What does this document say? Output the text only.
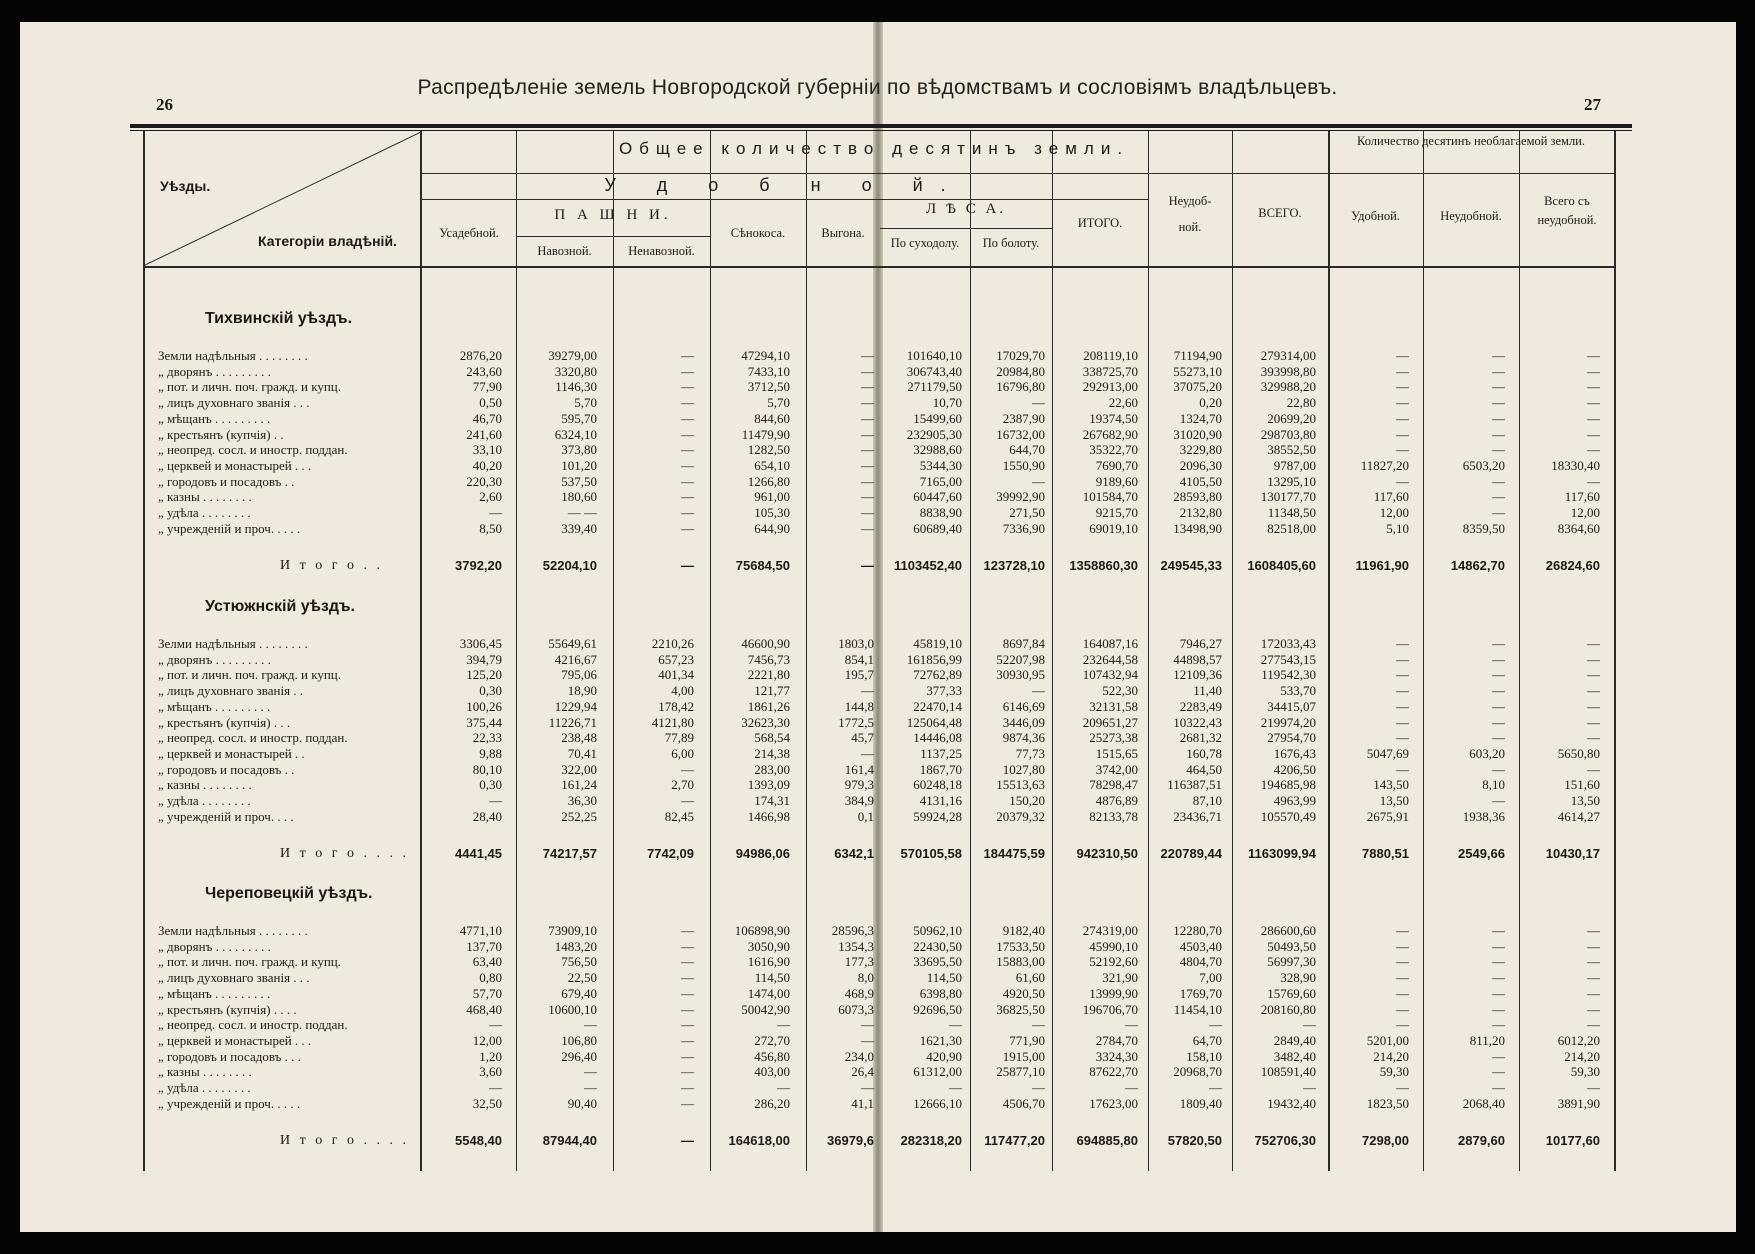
26	27
Распредѣленіе земель Новгородской губерніи по вѣдомствамъ и сословіямъ владѣльцевъ.
Уѣзды.
Категоріи владѣній.
Общее количество десятинъ земли.
У д о б н о й.
П А Ш Н И.	Л Ѣ С А.
Усадебной.
Навозной.	Ненавозной.
Сѣнокоса.	Выгона.
По суходолу.	По болоту.
ИТОГО.
Неудоб- ной.
ВСЕГО.
Количество десятинъ необлагаемой земли.
Удобной.	Неудобной.
Всего съ неудобной.
Тихвинскій уѣздъ.
Земли надѣльныя . . . . . . . .	2876,20	39279,00	—	47294,10	—	101640,10	17029,70	208119,10	71194,90	279314,00	—	—	—
„ дворянъ . . . . . . . . .	243,60	3320,80	—	7433,10	—	306743,40	20984,80	338725,70	55273,10	393998,80	—	—	—
„ пот. и личн. поч. гражд. и купц.	77,90	1146,30	—	3712,50	—	271179,50	16796,80	292913,00	37075,20	329988,20	—	—	—
„ лицъ духовнаго званія . . .	0,50	5,70	—	5,70	—	10,70	—	22,60	0,20	22,80	—	—	—
„ мѣщанъ . . . . . . . . .	46,70	595,70	—	844,60	—	15499,60	2387,90	19374,50	1324,70	20699,20	—	—	—
„ крестьянъ (купчія) . .	241,60	6324,10	—	11479,90	—	232905,30	16732,00	267682,90	31020,90	298703,80	—	—	—
„ неопред. сосл. и иностр. поддан.	33,10	373,80	—	1282,50	—	32988,60	644,70	35322,70	3229,80	38552,50	—	—	—
„ церквей и монастырей . . .	40,20	101,20	—	654,10	—	5344,30	1550,90	7690,70	2096,30	9787,00	11827,20	6503,20	18330,40
„ городовъ и посадовъ . .	220,30	537,50	—	1266,80	—	7165,00	—	9189,60	4105,50	13295,10	—	—	—
„ казны . . . . . . . .	2,60	180,60	—	961,00	—	60447,60	39992,90	101584,70	28593,80	130177,70	117,60	—	117,60
„ удѣла . . . . . . . .	—	— —	—	105,30	—	8838,90	271,50	9215,70	2132,80	11348,50	12,00	—	12,00
„ учрежденій и проч. . . . .	8,50	339,40	—	644,90	—	60689,40	7336,90	69019,10	13498,90	82518,00	5,10	8359,50	8364,60
И т о г о . .	3792,20	52204,10	—	75684,50	— 1103452,40 123728,10 1358860,30 249545,33 1608405,60	11961,90	14862,70	26824,60
Устюжнскій уѣздъ.
Зелми надѣльныя . . . . . . . .	3306,45	55649,61	2210,26	46600,90	1803,0	45819,10	8697,84	164087,16	7946,27	172033,43	—	—	—
„ дворянъ . . . . . . . . .	394,79	4216,67	657,23	7456,73	854,1	161856,99	52207,98	232644,58	44898,57	277543,15	—	—	—
„ пот. и личн. поч. гражд. и купц.	125,20	795,06	401,34	2221,80	195,7	72762,89	30930,95	107432,94	12109,36	119542,30	—	—	—
„ лицъ духовнаго званія . .	0,30	18,90	4,00	121,77	—	377,33	—	522,30	11,40	533,70	—	—	—
„ мѣщанъ . . . . . . . . .	100,26	1229,94	178,42	1861,26	144,8	22470,14	6146,69	32131,58	2283,49	34415,07	—	—	—
„ крестьянъ (купчія) . . .	375,44	11226,71	4121,80	32623,30	1772,5	125064,48	3446,09	209651,27	10322,43	219974,20	—	—	—
„ неопред. сосл. и иностр. поддан.	22,33	238,48	77,89	568,54	45,7	14446,08	9874,36	25273,38	2681,32	27954,70	—	—	—
„ церквей и монастырей . .	9,88	70,41	6,00	214,38	—	1137,25	77,73	1515,65	160,78	1676,43	5047,69	603,20	5650,80
„ городовъ и посадовъ . .	80,10	322,00	—	283,00	161,4	1867,70	1027,80	3742,00	464,50	4206,50	—	—	—
„ казны . . . . . . . .	0,30	161,24	2,70	1393,09	979,3	60248,18	15513,63	78298,47 116387,51	194685,98	143,50	8,10	151,60
„ удѣла . . . . . . . .	—	36,30	—	174,31	384,9	4131,16	150,20	4876,89	87,10	4963,99	13,50	—	13,50
„ учрежденій и проч. . . .	28,40	252,25	82,45	1466,98	0,1	59924,28	20379,32	82133,78	23436,71	105570,49	2675,91	1938,36	4614,27
И т о г о . . . .	4441,45	74217,57	7742,09	94986,06	6342,1 570105,58 184475,59 942310,50 220789,44 1163099,94	7880,51	2549,66	10430,17
Череповецкій уѣздъ.
Земли надѣльныя . . . . . . . .	4771,10	73909,10	—	106898,90	28596,3	50962,10	9182,40	274319,00	12280,70	286600,60	—	—	—
„ дворянъ . . . . . . . . .	137,70	1483,20	—	3050,90	1354,3	22430,50	17533,50	45990,10	4503,40	50493,50	—	—	—
„ пот. и личн. поч. гражд. и купц.	63,40	756,50	—	1616,90	177,3	33695,50	15883,00	52192,60	4804,70	56997,30	—	—	—
„ лицъ духовнаго званія . . .	0,80	22,50	—	114,50	8,0	114,50	61,60	321,90	7,00	328,90	—	—	—
„ мѣщанъ . . . . . . . . .	57,70	679,40	—	1474,00	468,9	6398,80	4920,50	13999,90	1769,70	15769,60	—	—	—
„ крестьянъ (купчія) . . . .	468,40	10600,10	—	50042,90	6073,3	92696,50	36825,50	196706,70	11454,10	208160,80	—	—	—
„ неопред. сосл. и иностр. поддан.	—	—	—	—	—	—	—	—	—	—	—	—	—
„ церквей и монастырей . . .	12,00	106,80	—	272,70	—	1621,30	771,90	2784,70	64,70	2849,40	5201,00	811,20	6012,20
„ городовъ и посадовъ . . .	1,20	296,40	—	456,80	234,0	420,90	1915,00	3324,30	158,10	3482,40	214,20	—	214,20
„ казны . . . . . . . .	3,60	—	—	403,00	26,4	61312,00	25877,10	87622,70	20968,70	108591,40	59,30	—	59,30
„ удѣла . . . . . . . .	—	—	—	—	—	—	—	—	—	—	—	—	—
„ учрежденій и проч. . . . .	32,50	90,40	—	286,20	41,1	12666,10	4506,70	17623,00	1809,40	19432,40	1823,50	2068,40	3891,90
И т о г о . . . .	5548,40	87944,40	—	164618,00	36979,6 282318,20 117477,20 694885,80 57820,50	752706,30	7298,00	2879,60	10177,60
